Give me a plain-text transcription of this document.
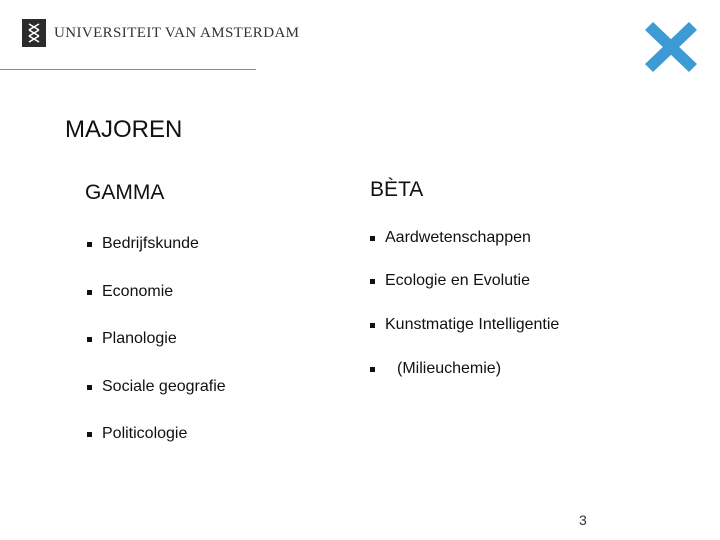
UNIVERSITEIT VAN AMSTERDAM
MAJOREN
GAMMA	BÈTA
Bedrijfskunde
Economie
Planologie
Sociale geografie
Politicologie
Aardwetenschappen
Ecologie en Evolutie
Kunstmatige Intelligentie
(Milieuchemie)
3
